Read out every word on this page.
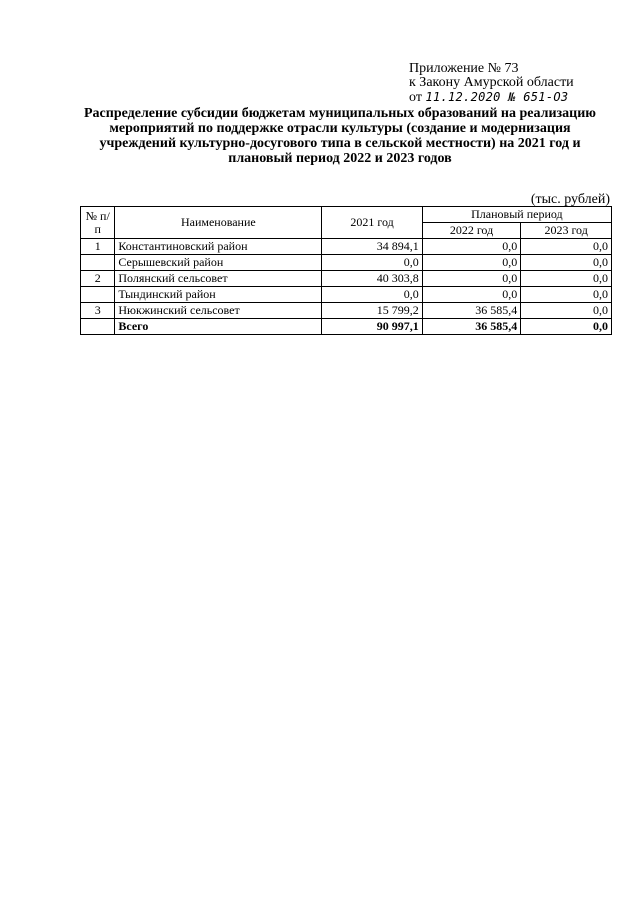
Приложение № 73
к Закону Амурской области
от 11.12.2020 № 651-ОЗ
Распределение субсидии бюджетам муниципальных образований на реализацию мероприятий по поддержке отрасли культуры (создание и модернизация учреждений культурно-досугового типа в сельской местности) на 2021 год и плановый период 2022 и 2023 годов
(тыс. рублей)
№ п/п	Наименование	2021 год	Плановый период	
			2022 год	2023 год
1	Константиновский район	34 894,1	0,0	0,0
	Серышевский район	0,0	0,0	0,0
2	Полянский сельсовет	40 303,8	0,0	0,0
	Тындинский район	0,0	0,0	0,0
3	Нюкжинский сельсовет	15 799,2	36 585,4	0,0
	Всего	90 997,1	36 585,4	0,0
